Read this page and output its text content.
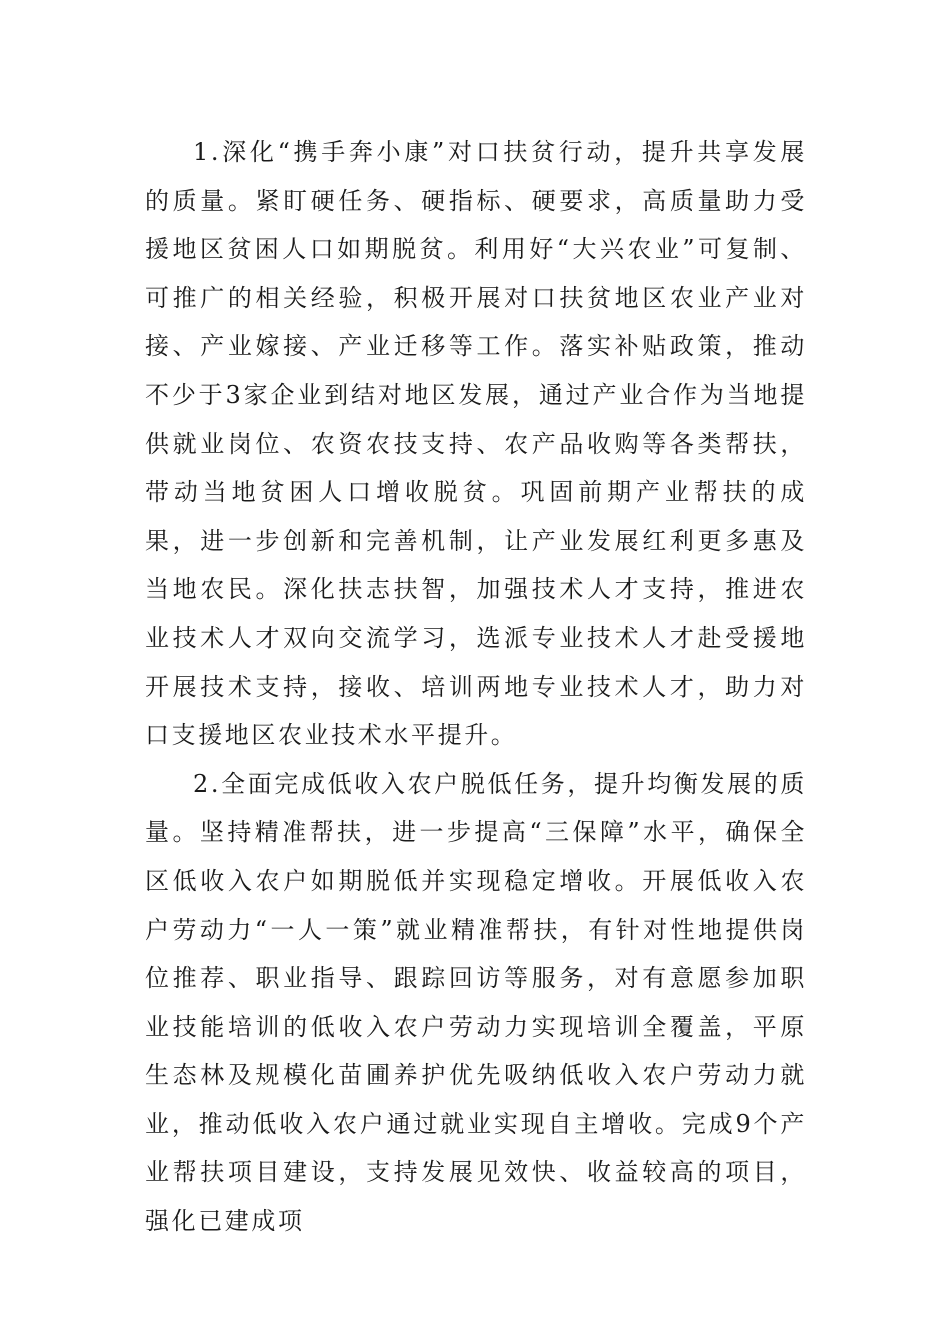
1.深化“携手奔小康”对口扶贫行动，提升共享发展的质量。紧盯硬任务、硬指标、硬要求，高质量助力受援地区贫困人口如期脱贫。利用好“大兴农业”可复制、可推广的相关经验，积极开展对口扶贫地区农业产业对接、产业嫁接、产业迁移等工作。落实补贴政策，推动不少于3家企业到结对地区发展，通过产业合作为当地提供就业岗位、农资农技支持、农产品收购等各类帮扶，带动当地贫困人口增收脱贫。巩固前期产业帮扶的成果，进一步创新和完善机制，让产业发展红利更多惠及当地农民。深化扶志扶智，加强技术人才支持，推进农业技术人才双向交流学习，选派专业技术人才赴受援地开展技术支持，接收、培训两地专业技术人才，助力对口支援地区农业技术水平提升。

2.全面完成低收入农户脱低任务，提升均衡发展的质量。坚持精准帮扶，进一步提高“三保障”水平，确保全区低收入农户如期脱低并实现稳定增收。开展低收入农户劳动力“一人一策”就业精准帮扶，有针对性地提供岗位推荐、职业指导、跟踪回访等服务，对有意愿参加职业技能培训的低收入农户劳动力实现培训全覆盖，平原生态林及规模化苗圃养护优先吸纳低收入农户劳动力就业，推动低收入农户通过就业实现自主增收。完成9个产业帮扶项目建设，支持发展见效快、收益较高的项目，强化已建成项
